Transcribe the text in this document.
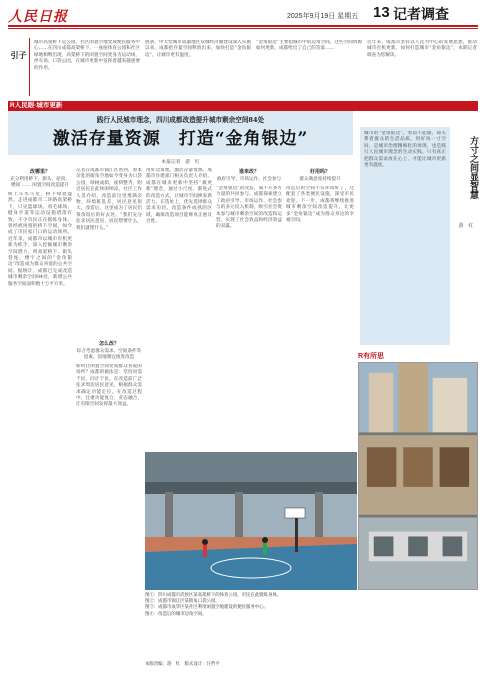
人民日报	2025年9月19日 星期五 13 记者调查
引子
城市高架桥下是公园，社区闲置空地变成便民服务中心……在四川成都高架桥下，一座座体育公园和社区绿地相继出现，高架桥下的闲置空间变身为运动场、停车场、口袋公园，在城市更新中发挥着越来越重要的作用。
链条，中大型城市成渝地区双城经济圈建设深入实施以来，成都把存量空间释放出来，加快打造“金角银边”，让城市更有温度。
“金角银边”主要指城市中的边角空间，这些空间资源如何更新，成都给出了自己的答案……
近年来，成都市坚持以人民为中心的发展思想，推动城市有机更新。如何打造城市“金角银边”，本期记者调查为您解读。
R人民眼·城市更新
践行人民城市理念，四川成都改造提升城市剩余空间84处
激活存量资源　打造“金角银边”
本报记者　游　红
改哪里？
充分利用桥下、街头、屋顶、楼间 …… 闲置空间改造提升
桥上车水马龙，桥下绿意盎然。走进成都市二环路高架桥下，只见篮球场、羽毛球场、健身步道等运动设施错落有致，不少市民正在锻炼身体。曾经被闲置的桥下空间，如今成了市民家门口的运动场所。近年来，成都市以城市有机更新为抓手，深入挖掘城市剩余空间潜力，将高架桥下、街头巷尾、楼宇之间的“金角银边”改造成为群众喜爱的公共空间。据统计，成都已完成改造城市剩余空间84处，新增公共服务空间面积数十万平方米。
记者在成都市锦江区看到，原本杂乱的街角空地如今变身为口袋公园，绿树成荫，座椅整齐，附近居民在此休闲纳凉。社区工作人员介绍，改造前这里堆满杂物，环境脏乱差，居民意见很大。改造后，这里成为了居民们茶余饭后的好去处。“我们充分征求居民意见，居民想要什么，我们就建什么。”
怎么改？
综合考虑群众需求、空间条件等因素，因地制宜推进改造
如何让闲置空间变成群众喜爱的场所？成都的做法是：坚持问需于民、问计于民。在改造前广泛征求周边居民意见，根据群众需求确定功能定位。在改造过程中，注重功能复合、业态融合，让有限空间发挥最大效益。
用好边角地，激活存量资源。成都市住建部门相关负责人介绍，成都在城市更新中坚持“微更新”理念，通过小尺度、渐进式的改造方式，让城市空间焕发新活力。在选址上，优先选择群众需求迫切、改造条件成熟的区域，确保改造项目能够真正惠及百姓。
谁来改？
政府引导、市场运作、社会参与
“金角银边”的改造，离不开多方力量的共同参与。成都探索建立了政府引导、市场运作、社会参与的多元投入机制，吸引社会资本参与城市剩余空间的改造和运营，实现了社会效益和经济效益的双赢。
好用吗？
群众满意度持续提升
改造后的空间不仅环境好了，还配套了各类便民设施，深受市民欢迎。下一步，成都将继续推进城市剩余空间改造提升，让更多“金角银边”成为群众身边的幸福空间。
城市的“金角银边”，看似不起眼，却关系着群众的生活品质。用好每一寸空间，是城市治理精细化的体现，也是践行人民城市理念的生动实践。只有真正把群众需求放在心上，才能让城市更新更有温度。	方寸之间显智慧
游　红
R有所思
图①：四川成都市武侯区某高架桥下的体育公园，市民在此锻炼身体。
图②：成都市锦江区某街角口袋公园。
图③：成都市成华区某社区利用闲置空地建设的便民服务中心。
图④：改造后的城市边角空间。
本版责编：游　红　版式设计：汪哲平
